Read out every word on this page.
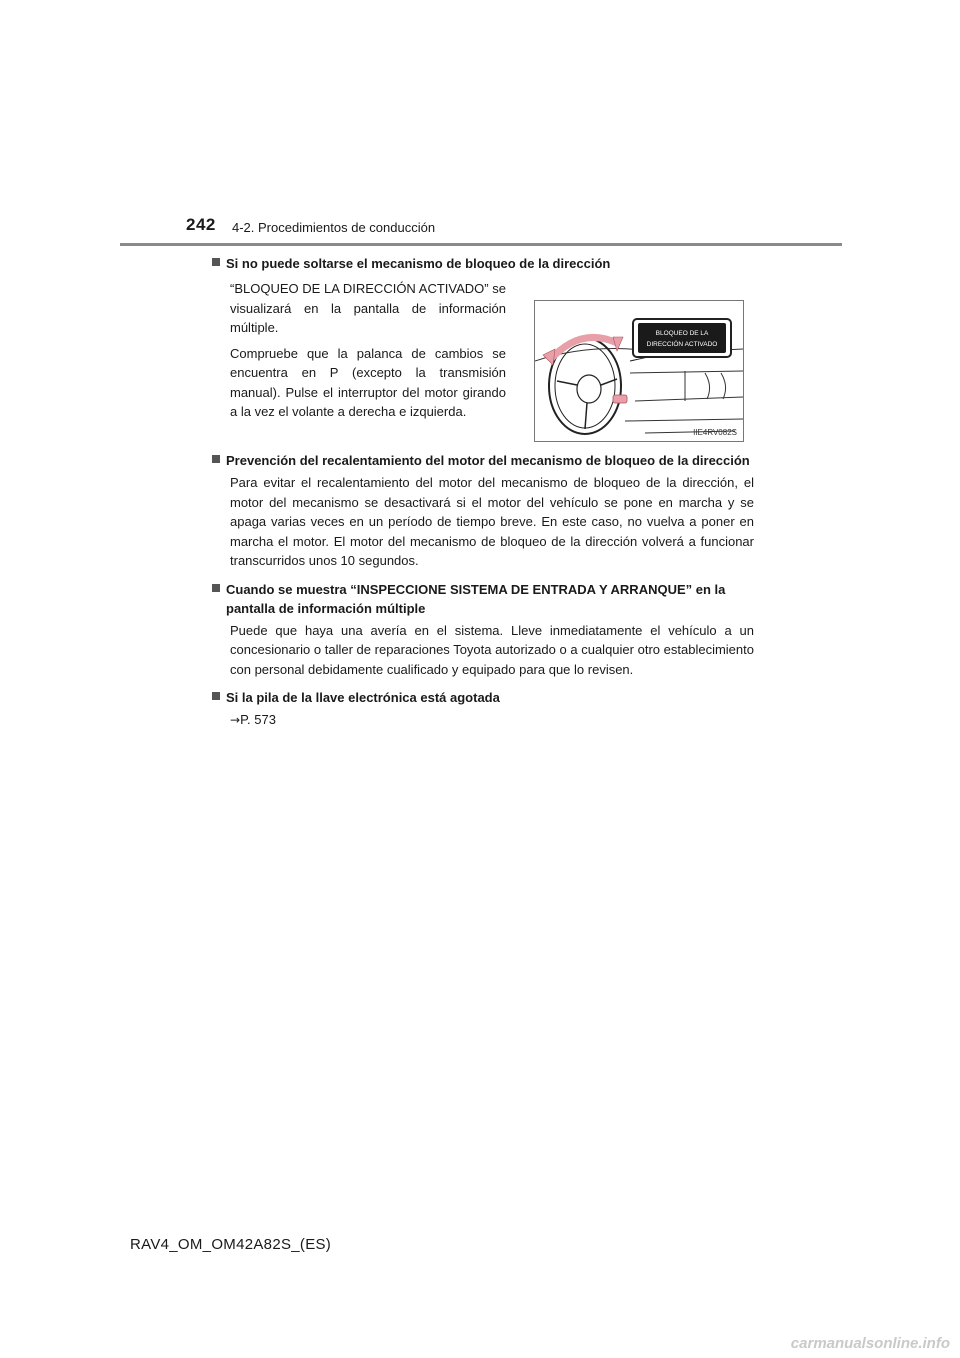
242 4-2. Procedimientos de conducción
Si no puede soltarse el mecanismo de bloqueo de la dirección

“BLOQUEO DE LA DIRECCIÓN ACTIVADO” se visualizará en la pantalla de información múltiple.

Compruebe que la palanca de cambios se encuentra en P (excepto la transmisión manual). Pulse el interruptor del motor girando a la vez el volante a derecha e izquierda.

BLOQUEO DE LA
DIRECCIÓN ACTIVADO
IIE4RV082S
Prevención del recalentamiento del motor del mecanismo de bloqueo de la dirección

Para evitar el recalentamiento del motor del mecanismo de bloqueo de la dirección, el motor del mecanismo se desactivará si el motor del vehículo se pone en marcha y se apaga varias veces en un período de tiempo breve. En este caso, no vuelva a poner en marcha el motor. El motor del mecanismo de bloqueo de la dirección volverá a funcionar transcurridos unos 10 segundos.

Cuando se muestra “INSPECCIONE SISTEMA DE ENTRADA Y ARRANQUE” en la pantalla de información múltiple

Puede que haya una avería en el sistema. Lleve inmediatamente el vehículo a un concesionario o taller de reparaciones Toyota autorizado o a cualquier otro establecimiento con personal debidamente cualificado y equipado para que lo revisen.

Si la pila de la llave electrónica está agotada

→P. 573

RAV4_OM_OM42A82S_(ES)
carmanualsonline.info
